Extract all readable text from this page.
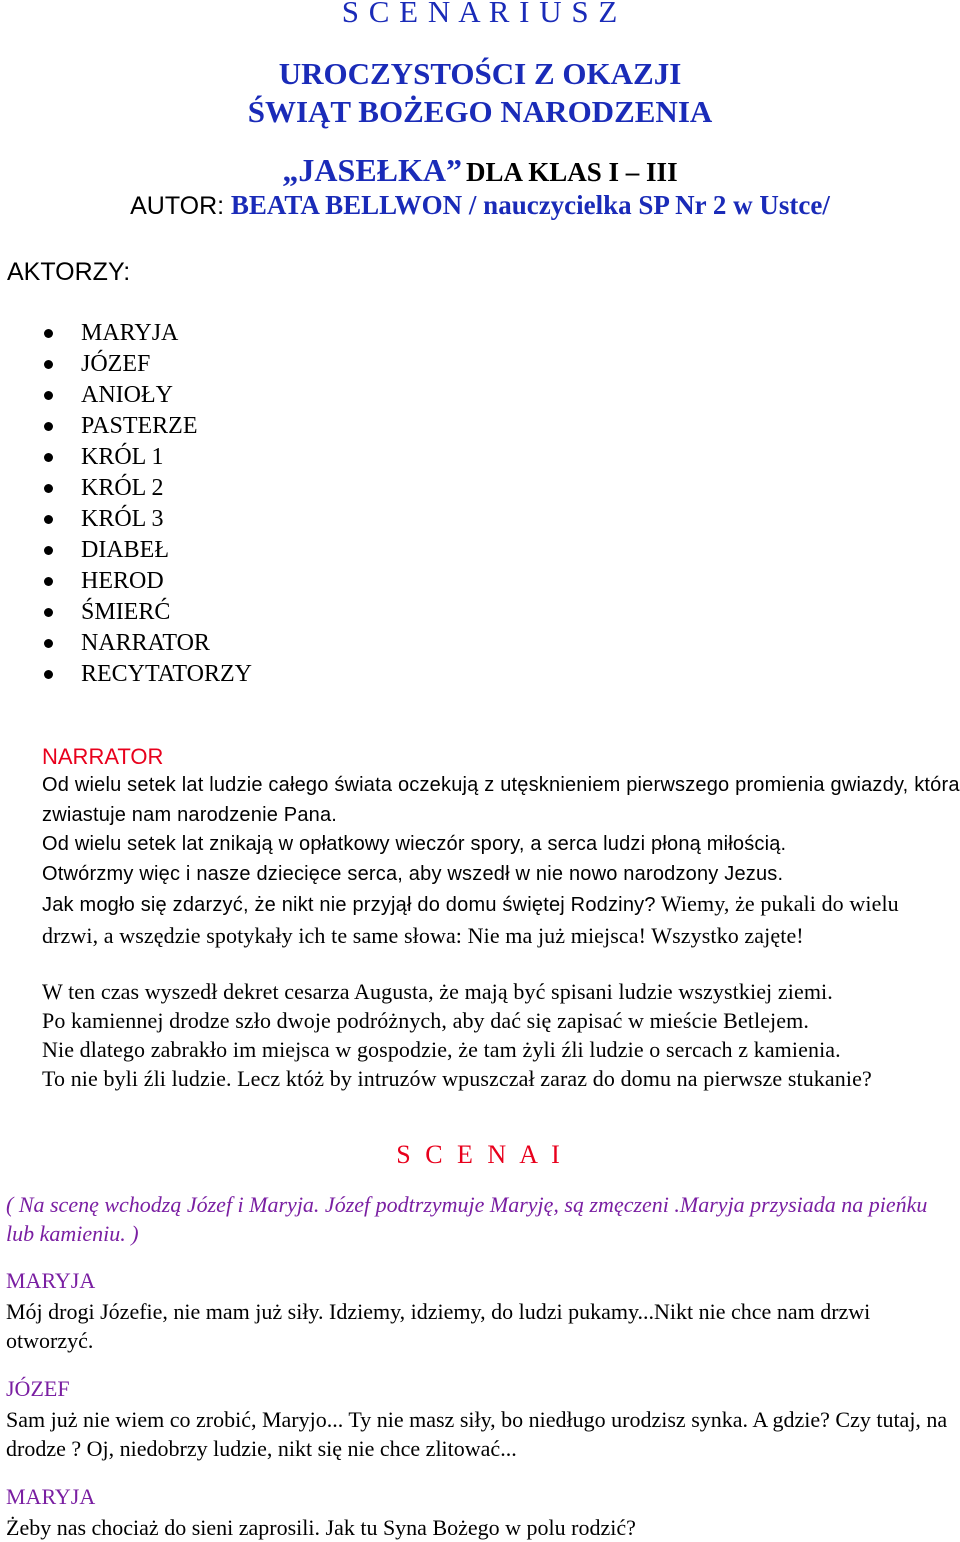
S C E N A R I U S Z
UROCZYSTOŚCI Z OKAZJI
ŚWIĄT BOŻEGO NARODZENIA
„JASEŁKA” DLA KLAS I – III
AUTOR: BEATA BELLWON / nauczycielka SP Nr 2 w Ustce/
AKTORZY:
MARYJA
JÓZEF
ANIOŁY
PASTERZE
KRÓL 1
KRÓL 2
KRÓL 3
DIABEŁ
HEROD
ŚMIERĆ
NARRATOR
RECYTATORZY
NARRATOR
Od wielu setek lat ludzie całego świata oczekują z utęsknieniem pierwszego promienia gwiazdy, która zwiastuje nam narodzenie Pana.
Od wielu setek lat znikają w opłatkowy wieczór spory, a serca ludzi płoną miłością.
Otwórzmy więc i nasze dziecięce serca, aby wszedł w nie nowo narodzony Jezus.
Jak mogło się zdarzyć, że nikt nie przyjął do domu świętej Rodziny? Wiemy, że pukali do wielu drzwi, a wszędzie spotykały ich te same słowa: Nie ma już miejsca! Wszystko zajęte!
W ten czas wyszedł dekret cesarza Augusta, że mają być spisani ludzie wszystkiej ziemi.
Po kamiennej drodze szło dwoje podróżnych, aby dać się zapisać w mieście Betlejem.
Nie dlatego zabrakło im miejsca w gospodzie, że tam żyli źli ludzie o sercach z kamienia.
To nie byli źli ludzie. Lecz któż by intruzów wpuszczał zaraz do domu na pierwsze stukanie?
S C E N A I
( Na scenę wchodzą Józef i Maryja. Józef podtrzymuje Maryję, są zmęczeni .Maryja przysiada na pieńku lub kamieniu. )
MARYJA
Mój drogi Józefie, nie mam już siły. Idziemy, idziemy, do ludzi pukamy...Nikt nie chce nam drzwi otworzyć.
JÓZEF
Sam już nie wiem co zrobić, Maryjo... Ty nie masz siły, bo niedługo urodzisz synka. A gdzie? Czy tutaj, na drodze ? Oj, niedobrzy ludzie, nikt się nie chce zlitować...
MARYJA
Żeby nas chociaż do sieni zaprosili. Jak tu Syna Bożego w polu rodzić?
